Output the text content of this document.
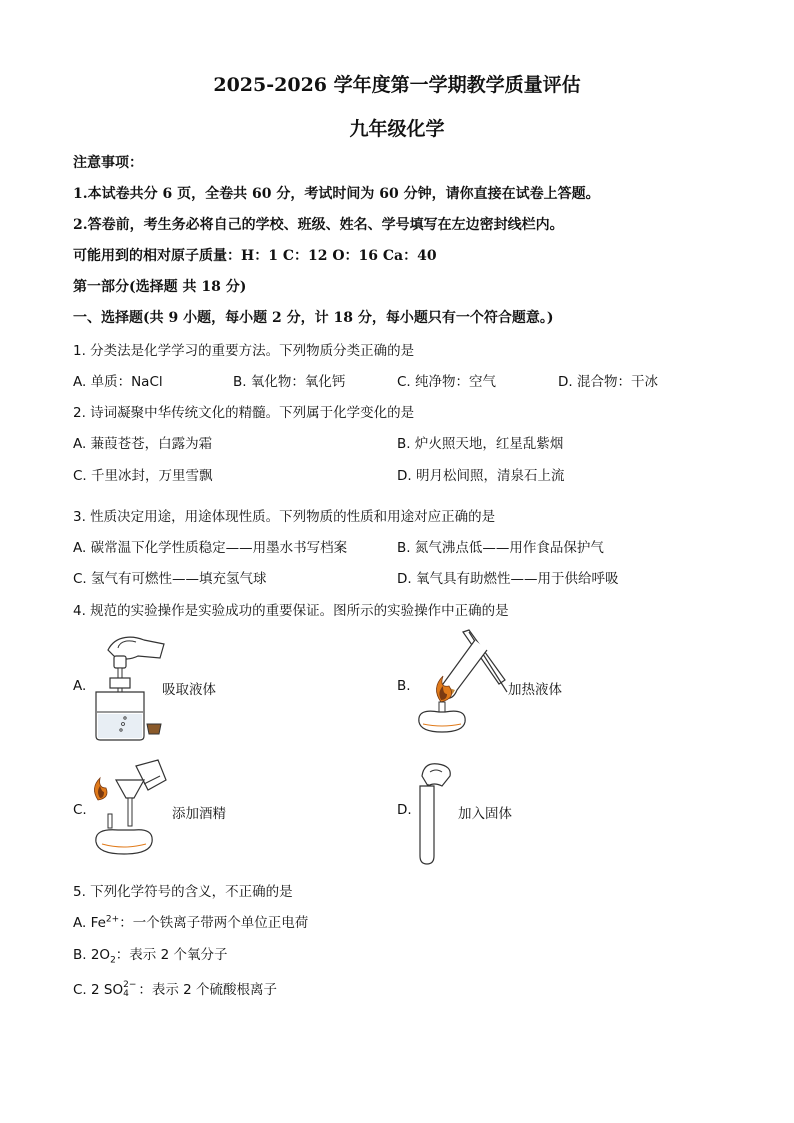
2025-2026 学年度第一学期教学质量评估
九年级化学
注意事项：
1.本试卷共分 6 页，全卷共 60 分，考试时间为 60 分钟，请你直接在试卷上答题。
2.答卷前，考生务必将自己的学校、班级、姓名、学号填写在左边密封线栏内。
可能用到的相对原子质量：H：1 C：12 O：16 Ca：40
第一部分(选择题 共 18 分)
一、选择题(共 9 小题，每小题 2 分，计 18 分，每小题只有一个符合题意。)
1. 分类法是化学学习的重要方法。下列物质分类正确的是
A. 单质：NaCl	B. 氧化物：氧化钙	C. 纯净物：空气	D. 混合物：干冰
2. 诗词凝聚中华传统文化的精髓。下列属于化学变化的是
A. 蒹葭苍苍，白露为霜	B. 炉火照天地，红星乱紫烟
C. 千里冰封，万里雪飘	D. 明月松间照，清泉石上流
3. 性质决定用途，用途体现性质。下列物质的性质和用途对应正确的是
A. 碳常温下化学性质稳定——用墨水书写档案	B. 氮气沸点低——用作食品保护气
C. 氢气有可燃性——填充氢气球	D. 氧气具有助燃性——用于供给呼吸
4. 规范的实验操作是实验成功的重要保证。图所示的实验操作中正确的是
A.	吸取液体	B.	加热液体
C.	添加酒精	D.	加入固体
5. 下列化学符号的含义，不正确的是
A. $Fe^{2+}$：一个铁离子带两个单位正电荷
B. $2O_2$：表示 2 个氧分子
C. 2 SO 2−
4 ：表示 2 个硫酸根离子
